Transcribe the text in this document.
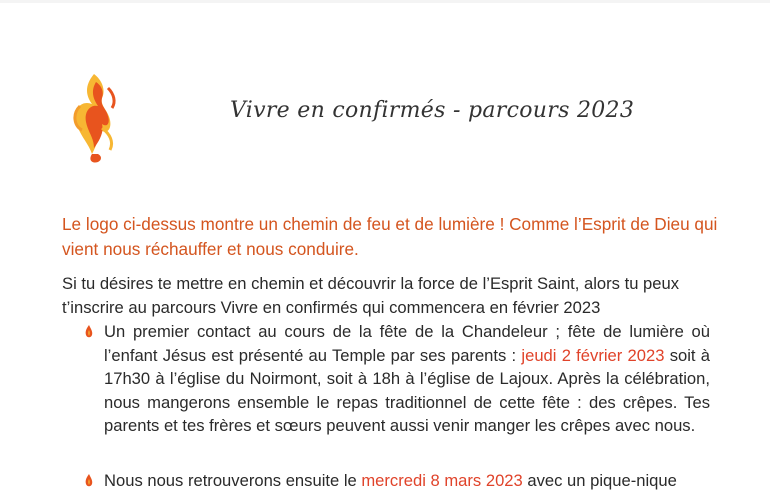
Vivre en confirmés - parcours 2023
Le logo ci-dessus montre un chemin de feu et de lumière ! Comme l’Esprit de Dieu qui vient nous réchauffer et nous conduire.
Si tu désires te mettre en chemin et découvrir la force de l’Esprit Saint, alors tu peux t’inscrire au parcours Vivre en confirmés qui commencera en février 2023
Un premier contact au cours de la fête de la Chandeleur ; fête de lumière où l’enfant Jésus est présenté au Temple par ses parents : jeudi 2 février 2023 soit à 17h30 à l’église du Noirmont, soit à 18h à l’église de Lajoux. Après la célébration, nous mangerons ensemble le repas traditionnel de cette fête : des crêpes. Tes parents et tes frères et sœurs peuvent aussi venir manger les crêpes avec nous.
Nous nous retrouverons ensuite le mercredi 8 mars 2023 avec un pique-nique
